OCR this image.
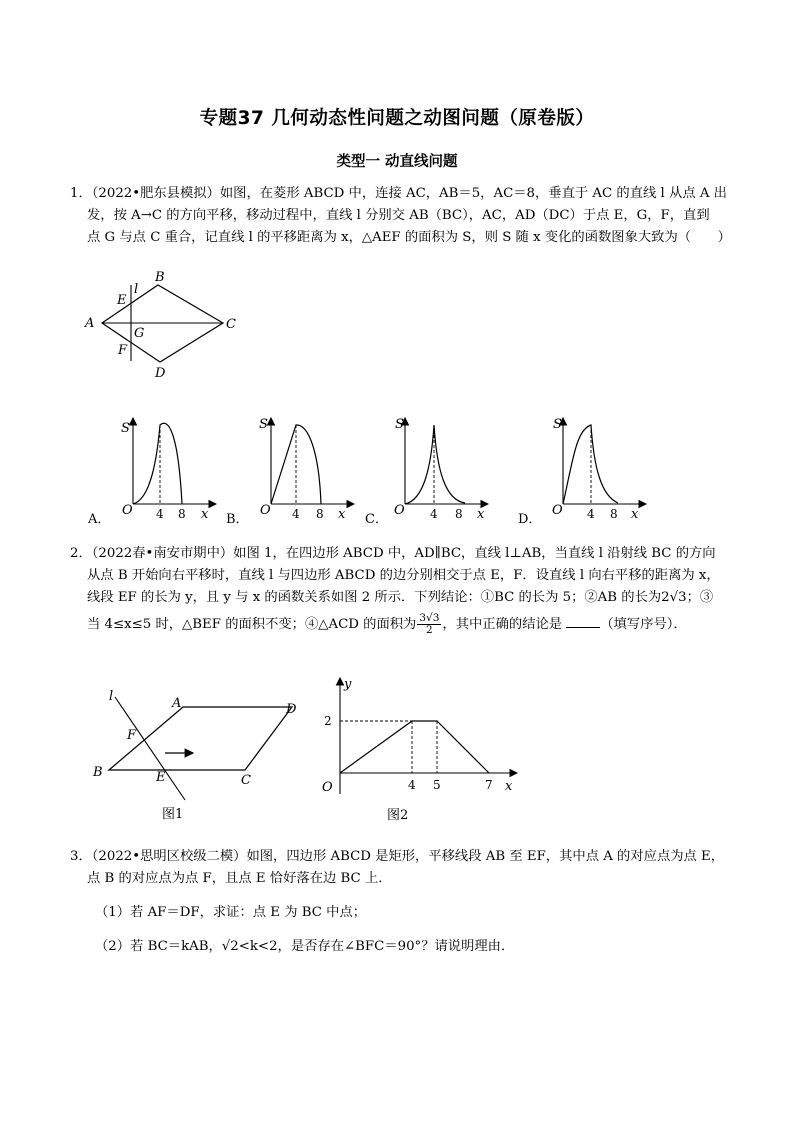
专题37 几何动态性问题之动图问题（原卷版）
类型一 动直线问题
1．（2022•肥东县模拟）如图，在菱形 ABCD 中，连接 AC，AB＝5，AC＝8，垂直于 AC 的直线 l 从点 A 出
发，按 A→C 的方向平移，移动过程中，直线 l 分别交 AB（BC），AC，AD（DC）于点 E，G，F，直到
点 G 与点 C 重合，记直线 l 的平移距离为 x，△AEF 的面积为 S，则 S 随 x 变化的函数图象大致为（　　）
A
B
C
D
E
F
G
l
S
O 4 8 x
A．
S
O 4 8 x
B．
S
O 4 8 x
C．
S
O 4 8 x
D．
2．（2022春•南安市期中）如图 1，在四边形 ABCD 中，AD∥BC，直线 l⊥AB，当直线 l 沿射线 BC 的方向
从点 B 开始向右平移时，直线 l 与四边形 ABCD 的边分别相交于点 E，F．设直线 l 向右平移的距离为 x，
线段 EF 的长为 y，且 y 与 x 的函数关系如图 2 所示．下列结论：①BC 的长为 5；②AB 的长为2√3；③
当 4≤x≤5 时，△BEF 的面积不变；④△ACD 的面积为 $\frac{3√3}{2}$ ，其中正确的结论是	（填写序号）．
l	A	D
F
B	E	C
图1
y
x
O
2
4 5	7
图2
3．（2022•思明区校级二模）如图，四边形 ABCD 是矩形，平移线段 AB 至 EF，其中点 A 的对应点为点 E，
点 B 的对应点为点 F，且点 E 恰好落在边 BC 上．
（1）若 AF＝DF，求证：点 E 为 BC 中点；
（2）若 BC＝kAB，√2<k<2，是否存在∠BFC＝90°？请说明理由．
